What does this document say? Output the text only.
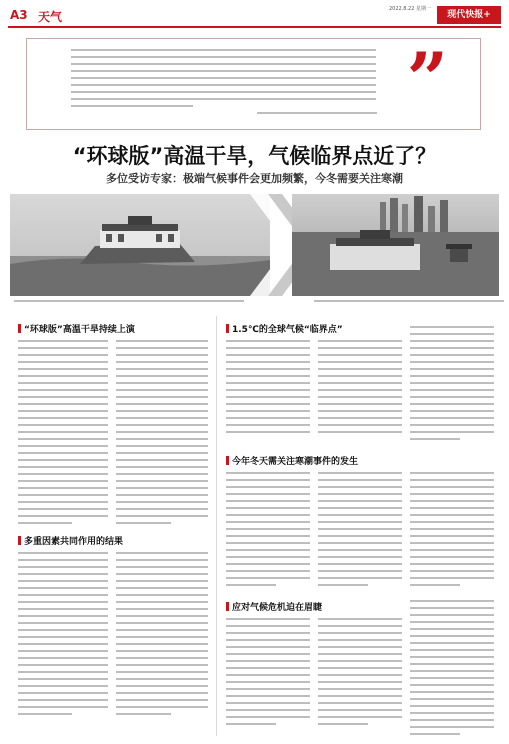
A3 天气
2022.8.22 星期一
现代快报+
”
“环球版”高温干旱，气候临界点近了？
多位受访专家：极端气候事件会更加频繁，今冬需要关注寒潮
“环球版”高温干旱持续上演
多重因素共同作用的结果
1.5℃的全球气候“临界点”
今年冬天需关注寒潮事件的发生
应对气候危机迫在眉睫
